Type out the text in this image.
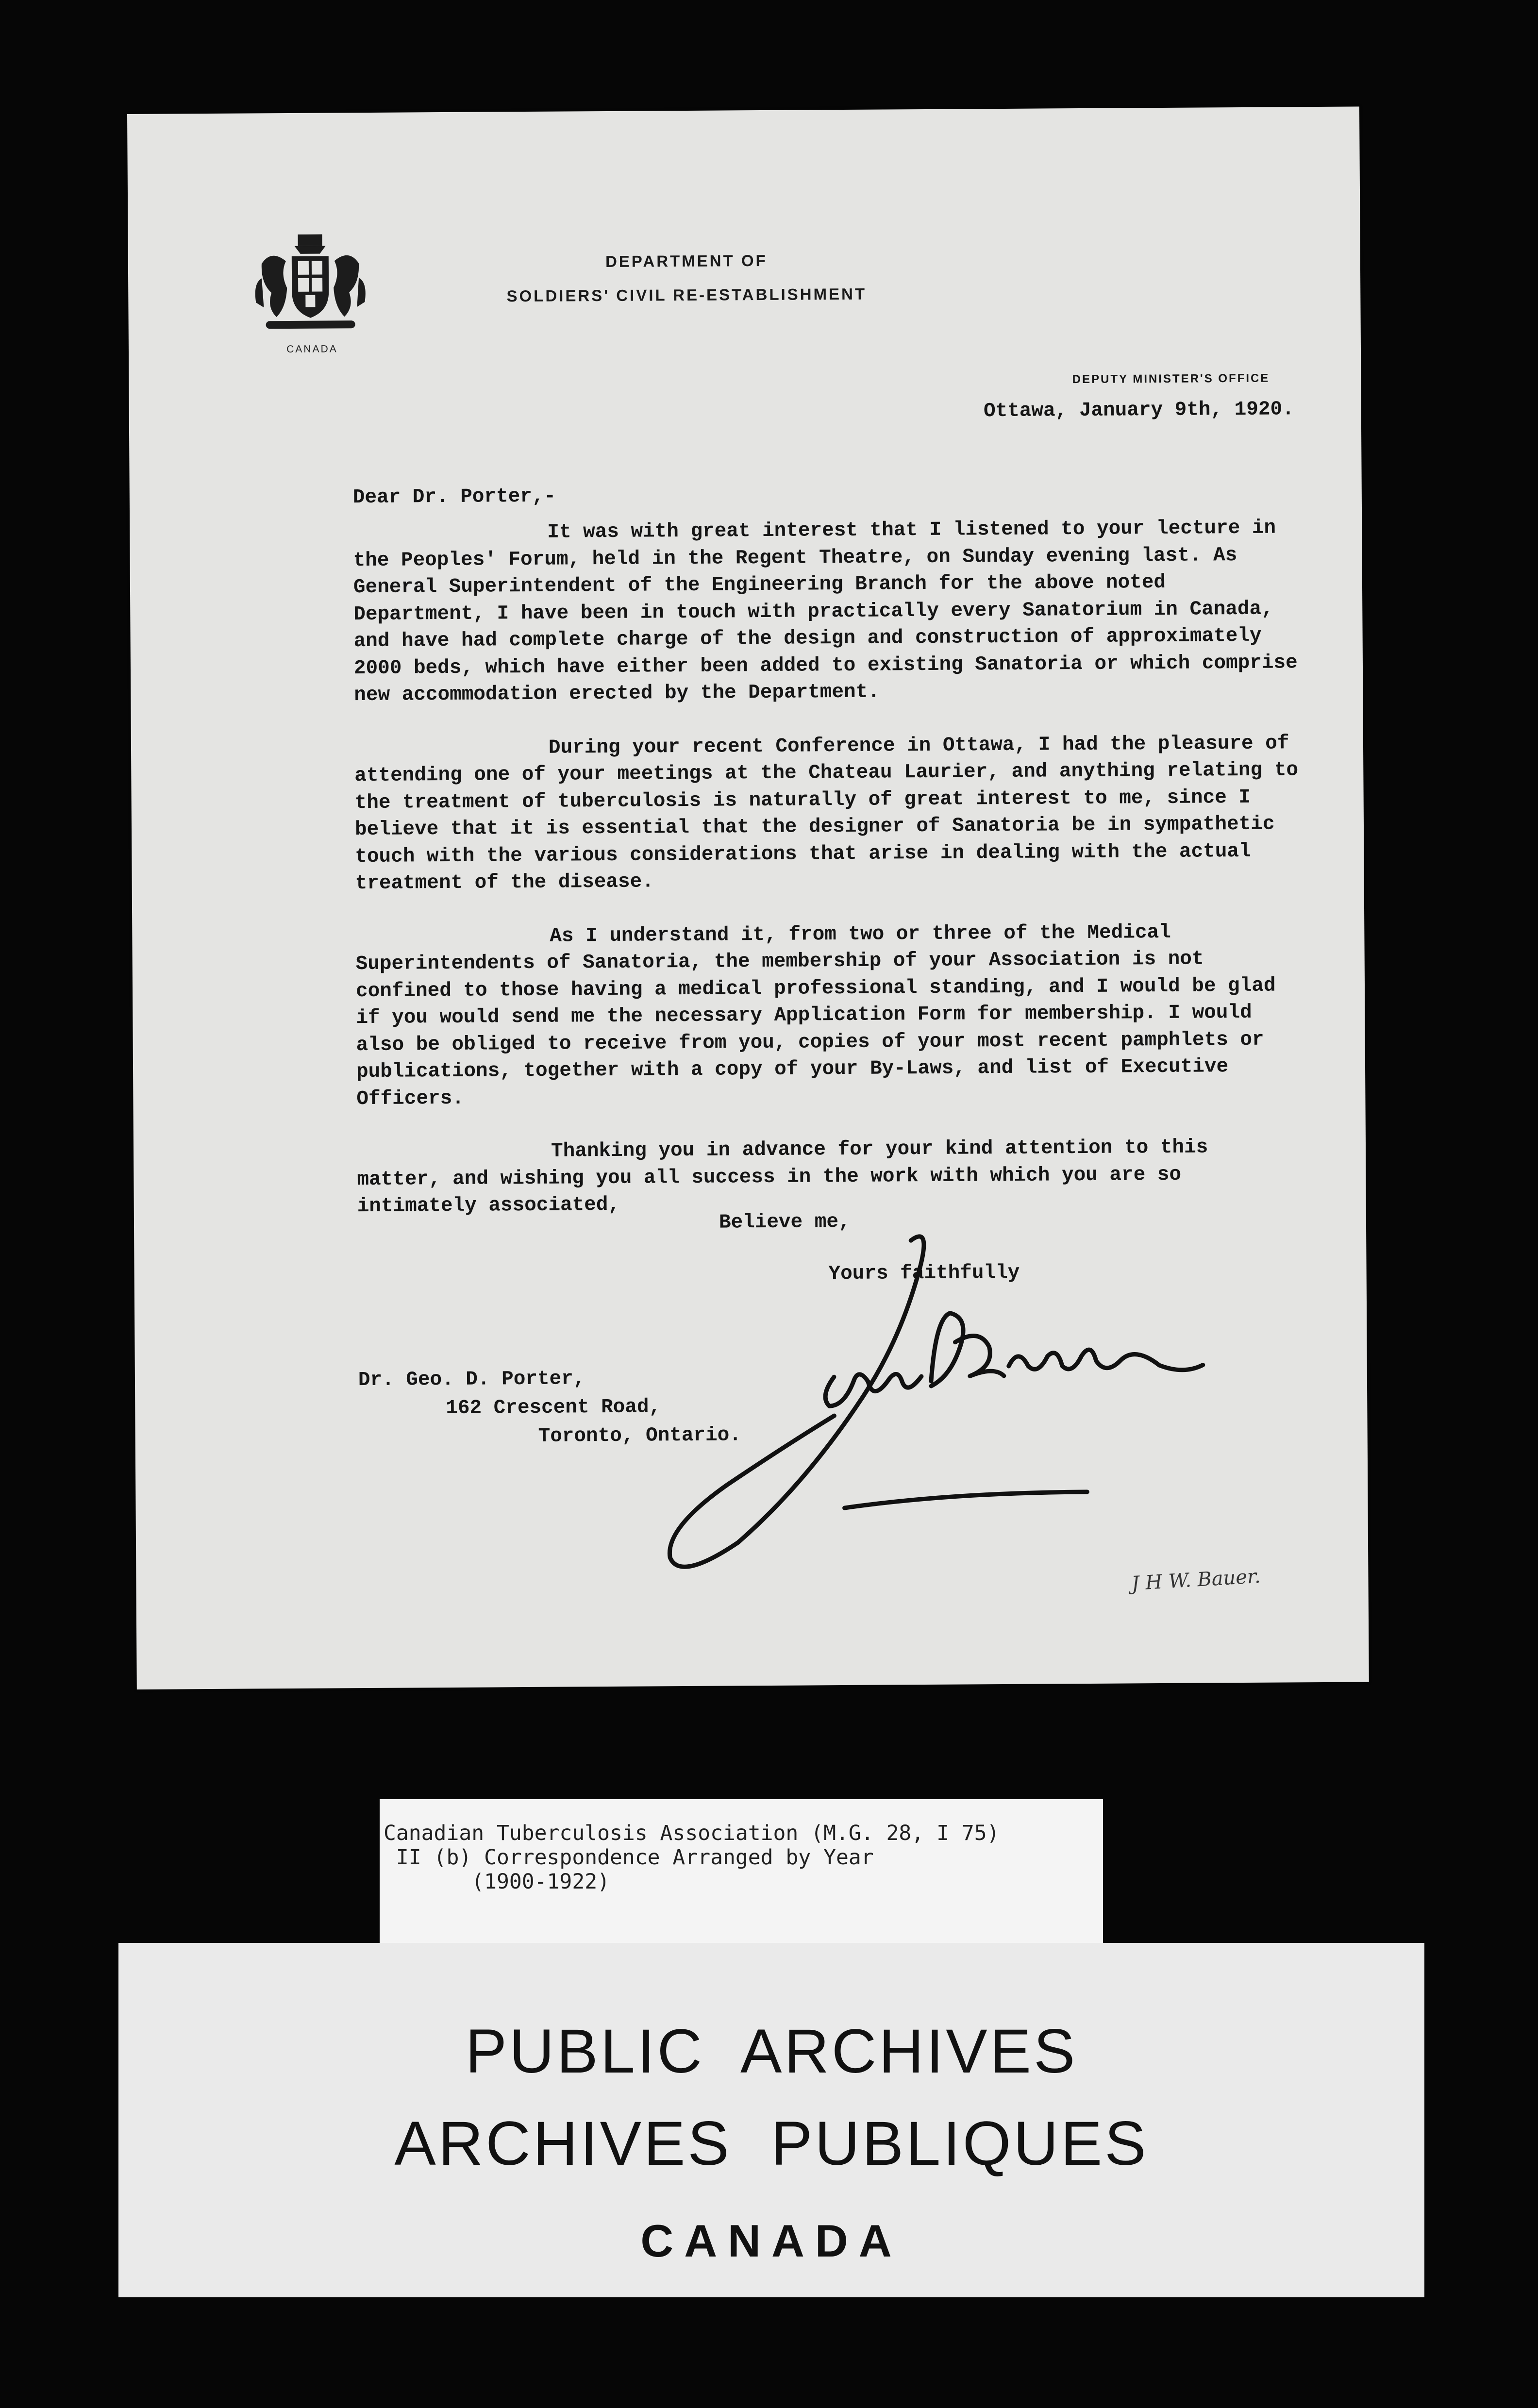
CANADA
DEPARTMENT OF
SOLDIERS' CIVIL RE-ESTABLISHMENT
DEPUTY MINISTER'S OFFICE
Ottawa, January 9th, 1920.
Dear Dr. Porter,-

It was with great interest that I listened to your lecture in the Peoples' Forum, held in the Regent Theatre, on Sunday evening last. As General Superintendent of the Engineering Branch for the above noted Department, I have been in touch with practically every Sanatorium in Canada, and have had complete charge of the design and construction of approximately 2000 beds, which have either been added to existing Sanatoria or which comprise new accommodation erected by the Department.

During your recent Conference in Ottawa, I had the pleasure of attending one of your meetings at the Chateau Laurier, and anything relating to the treatment of tuberculosis is naturally of great interest to me, since I believe that it is essential that the designer of Sanatoria be in sympathetic touch with the various considerations that arise in dealing with the actual treatment of the disease.

As I understand it, from two or three of the Medical Superintendents of Sanatoria, the membership of your Association is not confined to those having a medical professional standing, and I would be glad if you would send me the necessary Application Form for membership. I would also be obliged to receive from you, copies of your most recent pamphlets or publications, together with a copy of your By-Laws, and list of Executive Officers.

Thanking you in advance for your kind attention to this matter, and wishing you all success in the work with which you are so intimately associated,

Believe me,
Yours faithfully
Dr. Geo. D. Porter,
162 Crescent Road,
Toronto, Ontario.
J H W. Bauer.
Canadian Tuberculosis Association (M.G. 28, I 75)
II (b) Correspondence Arranged by Year
(1900-1922)
PUBLIC  ARCHIVES
ARCHIVES  PUBLIQUES
CANADA
